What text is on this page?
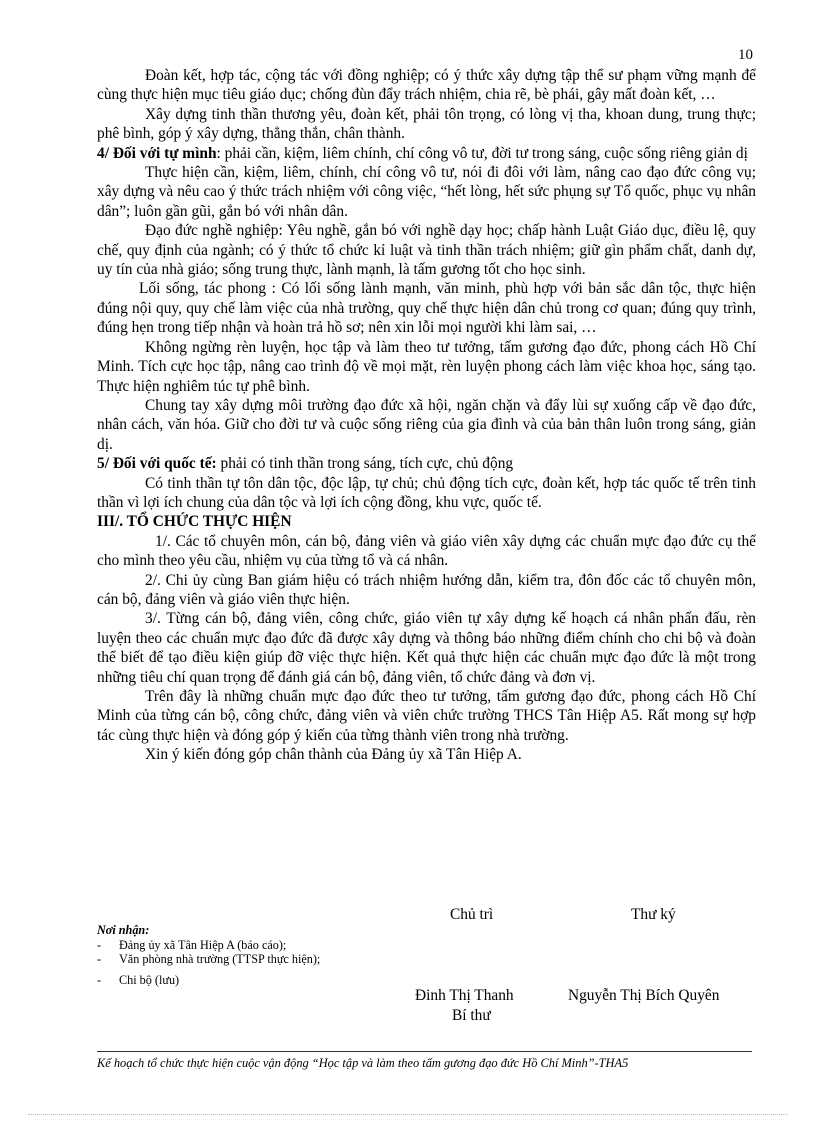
10

Đoàn kết, hợp tác, cộng tác với đồng nghiệp; có ý thức xây dựng tập thể sư phạm vững mạnh để cùng thực hiện mục tiêu giáo dục; chống đùn đẩy trách nhiệm, chia rẽ, bè phái, gây mất đoàn kết, …

Xây dựng tinh thần thương yêu, đoàn kết, phải tôn trọng, có lòng vị tha, khoan dung, trung thực; phê bình, góp ý xây dựng, thẳng thắn, chân thành.

4/ Đối với tự mình: phải cần, kiệm, liêm chính, chí công vô tư, đời tư trong sáng, cuộc sống riêng giản dị

Thực hiện cần, kiệm, liêm, chính, chí công vô tư, nói đi đôi với làm, nâng cao đạo đức công vụ; xây dựng và nêu cao ý thức trách nhiệm với công việc, “hết lòng, hết sức phụng sự Tổ quốc, phục vụ nhân dân”; luôn gần gũi, gắn bó với nhân dân.

Đạo đức nghề nghiệp: Yêu nghề, gắn bó với nghề dạy học; chấp hành Luật Giáo dục, điều lệ, quy chế, quy định của ngành; có ý thức tổ chức kỉ luật và tinh thần trách nhiệm; giữ gìn phẩm chất, danh dự, uy tín của nhà giáo; sống trung thực, lành mạnh, là tấm gương tốt cho học sinh.

Lối sống, tác phong : Có lối sống lành mạnh, văn minh, phù hợp với bản sắc dân tộc, thực hiện đúng nội quy, quy chế làm việc của nhà trường, quy chế thực hiện dân chủ trong cơ quan; đúng quy trình, đúng hẹn trong tiếp nhận và hoàn trả hồ sơ; nên xin lỗi mọi người khi làm sai, …

Không ngừng rèn luyện, học tập và làm theo tư tưởng, tấm gương đạo đức, phong cách Hồ Chí Minh. Tích cực học tập, nâng cao trình độ về mọi mặt, rèn luyện phong cách làm việc khoa học, sáng tạo. Thực hiện nghiêm túc tự phê bình.

Chung tay xây dựng môi trường đạo đức xã hội, ngăn chặn và đẩy lùi sự xuống cấp về đạo đức, nhân cách, văn hóa. Giữ cho đời tư và cuộc sống riêng của gia đình và của bản thân luôn trong sáng, giản dị.

5/ Đối với quốc tế: phải có tinh thần trong sáng, tích cực, chủ động

Có tinh thần tự tôn dân tộc, độc lập, tự chủ; chủ động tích cực, đoàn kết, hợp tác quốc tế trên tinh thần vì lợi ích chung của dân tộc và lợi ích cộng đồng, khu vực, quốc tế.

III/. TỔ CHỨC THỰC HIỆN

1/. Các tổ chuyên môn, cán bộ, đảng viên và giáo viên xây dựng các chuẩn mực đạo đức cụ thể cho mình theo yêu cầu, nhiệm vụ của từng tổ và cá nhân.

2/. Chi ủy cùng Ban giám hiệu có trách nhiệm hướng dẫn, kiểm tra, đôn đốc các tổ chuyên môn, cán bộ, đảng viên và giáo viên thực hiện.

3/. Từng cán bộ, đảng viên, công chức, giáo viên tự xây dựng kế hoạch cá nhân phấn đấu, rèn luyện theo các chuẩn mực đạo đức đã được xây dựng và thông báo những điểm chính cho chi bộ và đoàn thể biết để tạo điều kiện giúp đỡ việc thực hiện. Kết quả thực hiện các chuẩn mực đạo đức là một trong những tiêu chí quan trọng để đánh giá cán bộ, đảng viên, tổ chức đảng và đơn vị.

Trên đây là những chuẩn mực đạo đức theo tư tưởng, tấm gương đạo đức, phong cách Hồ Chí Minh của từng cán bộ, công chức, đảng viên và viên chức trường THCS Tân Hiệp A5. Rất mong sự hợp tác cùng thực hiện và đóng góp ý kiến của từng thành viên trong nhà trường.

Xin ý kiến đóng góp chân thành của Đảng ủy xã Tân Hiệp A.

Chủ trì	Thư ký
Nơi nhận:
- Đảng ủy xã Tân Hiệp A (báo cáo);
- Văn phòng nhà trường (TTSP thực hiện);
- Chi bộ (lưu)
Đinh Thị Thanh	Nguyễn Thị Bích Quyên
Bí thư
Kế hoạch tổ chức thực hiện cuộc vận động “Học tập và làm theo tấm gương đạo đức Hồ Chí Minh”-THA5
